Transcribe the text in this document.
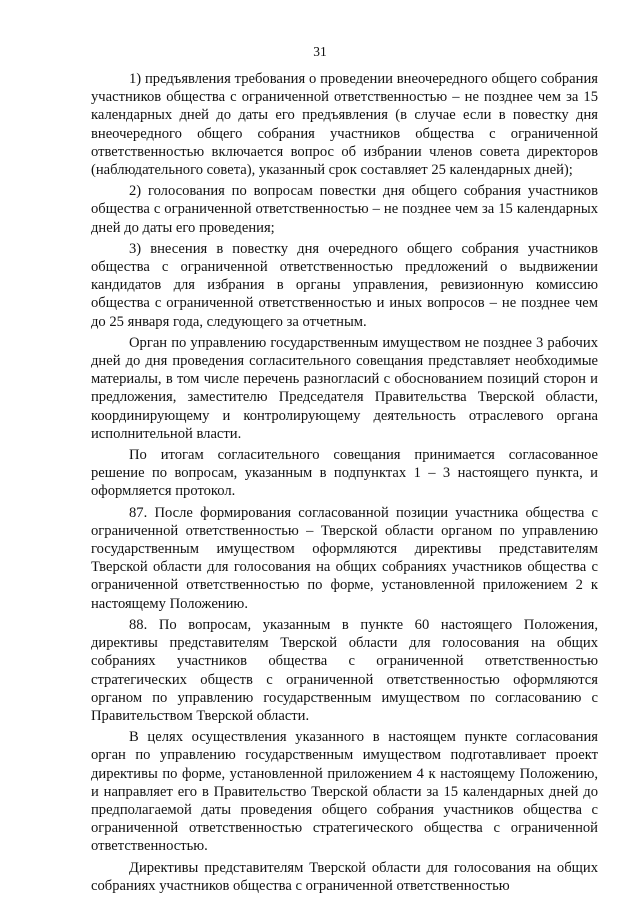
31

1) предъявления требования о проведении внеочередного общего собрания участников общества с ограниченной ответственностью – не позднее чем за 15 календарных дней до даты его предъявления (в случае если в повестку дня внеочередного общего собрания участников общества с ограниченной ответственностью включается вопрос об избрании членов совета директоров (наблюдательного совета), указанный срок составляет 25 календарных дней);

2) голосования по вопросам повестки дня общего собрания участников общества с ограниченной ответственностью – не позднее чем за 15 календарных дней до даты его проведения;

3) внесения в повестку дня очередного общего собрания участников общества с ограниченной ответственностью предложений о выдвижении кандидатов для избрания в органы управления, ревизионную комиссию общества с ограниченной ответственностью и иных вопросов – не позднее чем до 25 января года, следующего за отчетным.

Орган по управлению государственным имуществом не позднее 3 рабочих дней до дня проведения согласительного совещания представляет необходимые материалы, в том числе перечень разногласий с обоснованием позиций сторон и предложения, заместителю Председателя Правительства Тверской области, координирующему и контролирующему деятельность отраслевого органа исполнительной власти.

По итогам согласительного совещания принимается согласованное решение по вопросам, указанным в подпунктах 1 – 3 настоящего пункта, и оформляется протокол.

87. После формирования согласованной позиции участника общества с ограниченной ответственностью – Тверской области органом по управлению государственным имуществом оформляются директивы представителям Тверской области для голосования на общих собраниях участников общества с ограниченной ответственностью по форме, установленной приложением 2 к настоящему Положению.

88. По вопросам, указанным в пункте 60 настоящего Положения, директивы представителям Тверской области для голосования на общих собраниях участников общества с ограниченной ответственностью стратегических обществ с ограниченной ответственностью оформляются органом по управлению государственным имуществом по согласованию с Правительством Тверской области.

В целях осуществления указанного в настоящем пункте согласования орган по управлению государственным имуществом подготавливает проект директивы по форме, установленной приложением 4 к настоящему Положению, и направляет его в Правительство Тверской области за 15 календарных дней до предполагаемой даты проведения общего собрания участников общества с ограниченной ответственностью стратегического общества с ограниченной ответственностью.

Директивы представителям Тверской области для голосования на общих собраниях участников общества с ограниченной ответственностью
